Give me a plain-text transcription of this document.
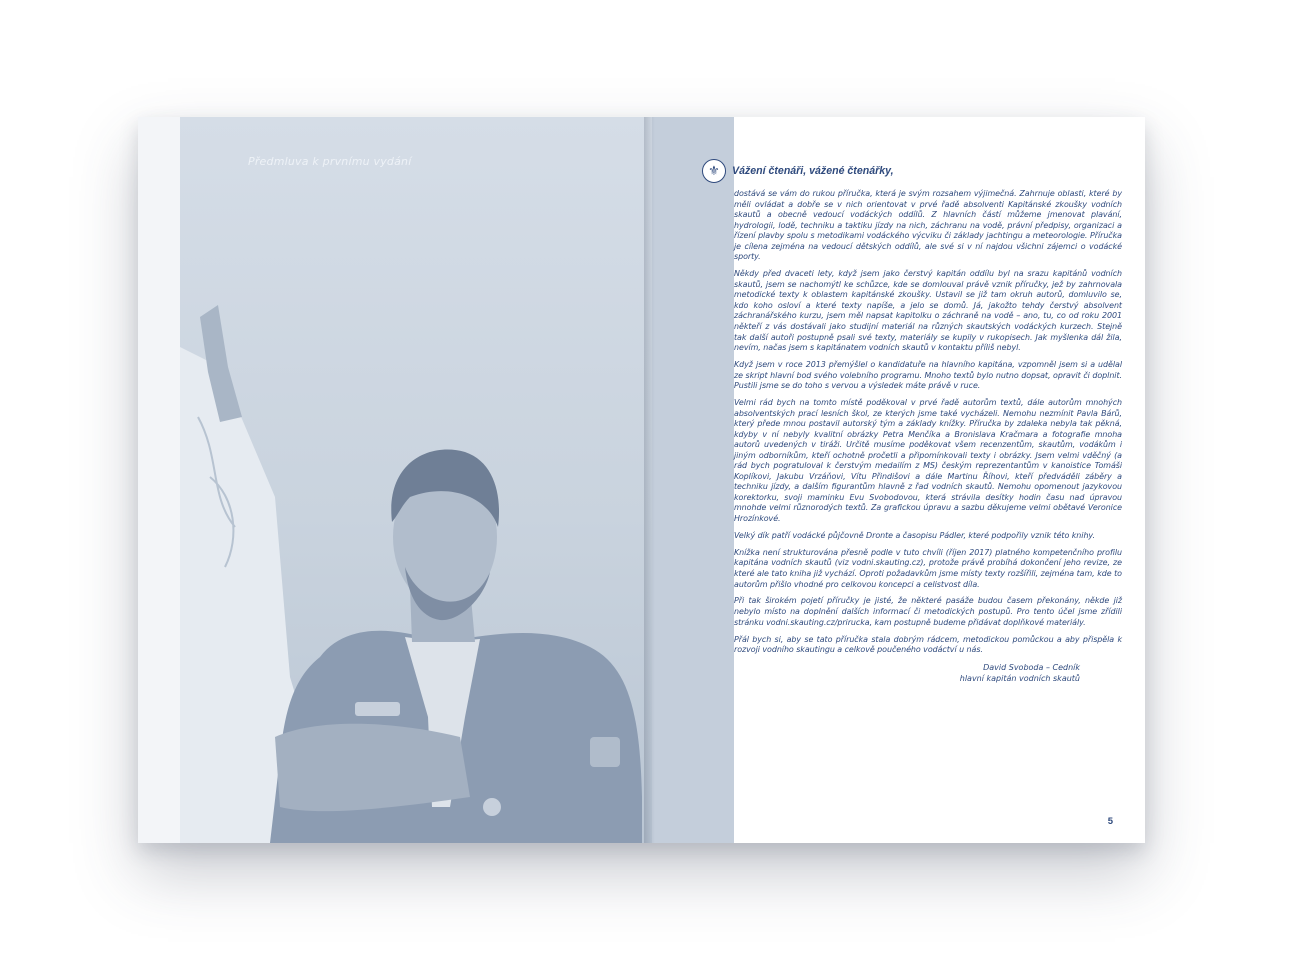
Předmluva k prvnímu vydání
⚜	Vážení čtenáři, vážené čtenářky,

dostává se vám do rukou příručka, která je svým rozsahem výjimečná. Zahrnuje oblasti, které by měli ovládat a dobře se v nich orientovat v prvé řadě absolventi Kapitánské zkoušky vodních skautů a obecně vedoucí vodáckých oddílů. Z hlavních částí můžeme jmenovat plavání, hydrologii, lodě, techniku a taktiku jízdy na nich, záchranu na vodě, právní předpisy, organizaci a řízení plavby spolu s metodikami vodáckého výcviku či základy jachtingu a meteorologie. Příručka je cílena zejména na vedoucí dětských oddílů, ale své si v ní najdou všichni zájemci o vodácké sporty.

Někdy před dvaceti lety, když jsem jako čerstvý kapitán oddílu byl na srazu kapitánů vodních skautů, jsem se nachomýtl ke schůzce, kde se domlouval právě vznik příručky, jež by zahrnovala metodické texty k oblastem kapitánské zkoušky. Ustavil se již tam okruh autorů, domluvilo se, kdo koho osloví a které texty napíše, a jelo se domů. Já, jakožto tehdy čerstvý absolvent záchranářského kurzu, jsem měl napsat kapitolku o záchraně na vodě – ano, tu, co od roku 2001 někteří z vás dostávali jako studijní materiál na různých skautských vodáckých kurzech. Stejně tak další autoři postupně psali své texty, materiály se kupily v rukopisech. Jak myšlenka dál žila, nevím, načas jsem s kapitánatem vodních skautů v kontaktu příliš nebyl.

Když jsem v roce 2013 přemýšlel o kandidatuře na hlavního kapitána, vzpomněl jsem si a udělal ze skript hlavní bod svého volebního programu. Mnoho textů bylo nutno dopsat, opravit či doplnit. Pustili jsme se do toho s vervou a výsledek máte právě v ruce.

Velmi rád bych na tomto místě poděkoval v prvé řadě autorům textů, dále autorům mnohých absolventských prací lesních škol, ze kterých jsme také vycházeli. Nemohu nezmínit Pavla Bárů, který přede mnou postavil autorský tým a základy knížky. Příručka by zdaleka nebyla tak pěkná, kdyby v ní nebyly kvalitní obrázky Petra Menčíka a Bronislava Kračmara a fotografie mnoha autorů uvedených v tiráži. Určitě musíme poděkovat všem recenzentům, skautům, vodákům i jiným odborníkům, kteří ochotně pročetli a připomínkovali texty i obrázky. Jsem velmi vděčný (a rád bych pogratuloval k čerstvým medailím z MS) českým reprezentantům v kanoistice Tomáši Koplíkovi, Jakubu Vrzáňovi, Vítu Přindišovi a dále Martinu Říhovi, kteří předváděli záběry a techniku jízdy, a dalším figurantům hlavně z řad vodních skautů. Nemohu opomenout jazykovou korektorku, svoji maminku Evu Svobodovou, která strávila desítky hodin času nad úpravou mnohde velmi různorodých textů. Za grafickou úpravu a sazbu děkujeme velmi obětavé Veronice Hrozínkové.

Velký dík patří vodácké půjčovně Dronte a časopisu Pádler, které podpořily vznik této knihy.

Knížka není strukturována přesně podle v tuto chvíli (říjen 2017) platného kompetenčního profilu kapitána vodních skautů (viz vodni.skauting.cz), protože právě probíhá dokončení jeho revize, ze které ale tato kniha již vychází. Oproti požadavkům jsme místy texty rozšířili, zejména tam, kde to autorům přišlo vhodné pro celkovou koncepci a celistvost díla.

Při tak širokém pojetí příručky je jisté, že některé pasáže budou časem překonány, někde již nebylo místo na doplnění dalších informací či metodických postupů. Pro tento účel jsme zřídili stránku vodni.skauting.cz/prirucka, kam postupně budeme přidávat doplňkové materiály.

Přál bych si, aby se tato příručka stala dobrým rádcem, metodickou pomůckou a aby přispěla k rozvoji vodního skautingu a celkově poučeného vodáctví u nás.

David Svoboda – Cedník
hlavní kapitán vodních skautů
5
